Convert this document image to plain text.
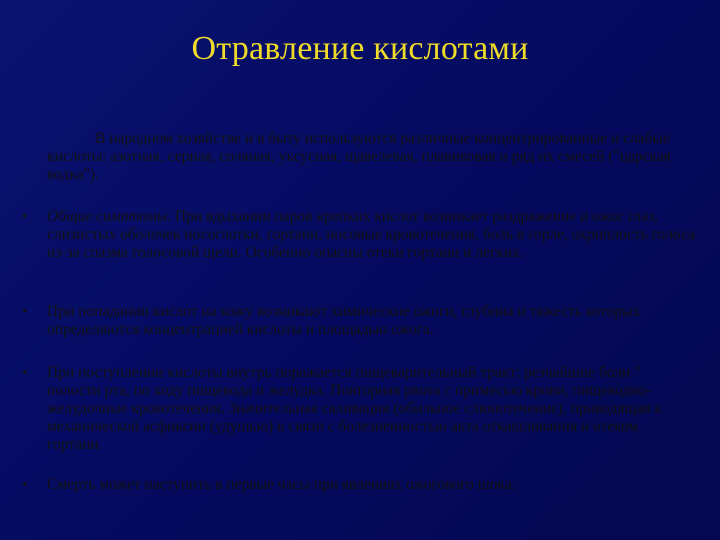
Отравление кислотами

В народном хозяйстве и в быту используются различные концентрированные и слабые кислоты: азотная, серная, соляная, уксусная, щавелевая, плавиковая и ряд их смесей ("царская водка").

• Общие симптомы. При вдыхании паров крепких кислот возникает раздражение и ожог глаз, слизистых оболочек носоглотки, гортани, носовые кровотечения, боль в горле, охриплость голоса из-за спазма голосовой щели. Особенно опасны отеки гортани и легких.

• При попадании кислот на кожу возникают химические ожоги, глубина и тяжесть которых определяются концентрацией кислоты и площадью ожога.

• При поступлении кислоты внутрь поражается пищеварительный тракт: резчайшие боли " полости рта, по ходу пищевода и желудка. Повторная рвота с примесью крови, пищеводно-желудочные кровотечения. Значительная саливация (обильное слюнотечение), приводящая к механической асфиксии (удушью) в связи с болезненностью акта откашливания и отеком гортани.

• Смерть может наступить в первые часы при явлениях ожогового шока.
